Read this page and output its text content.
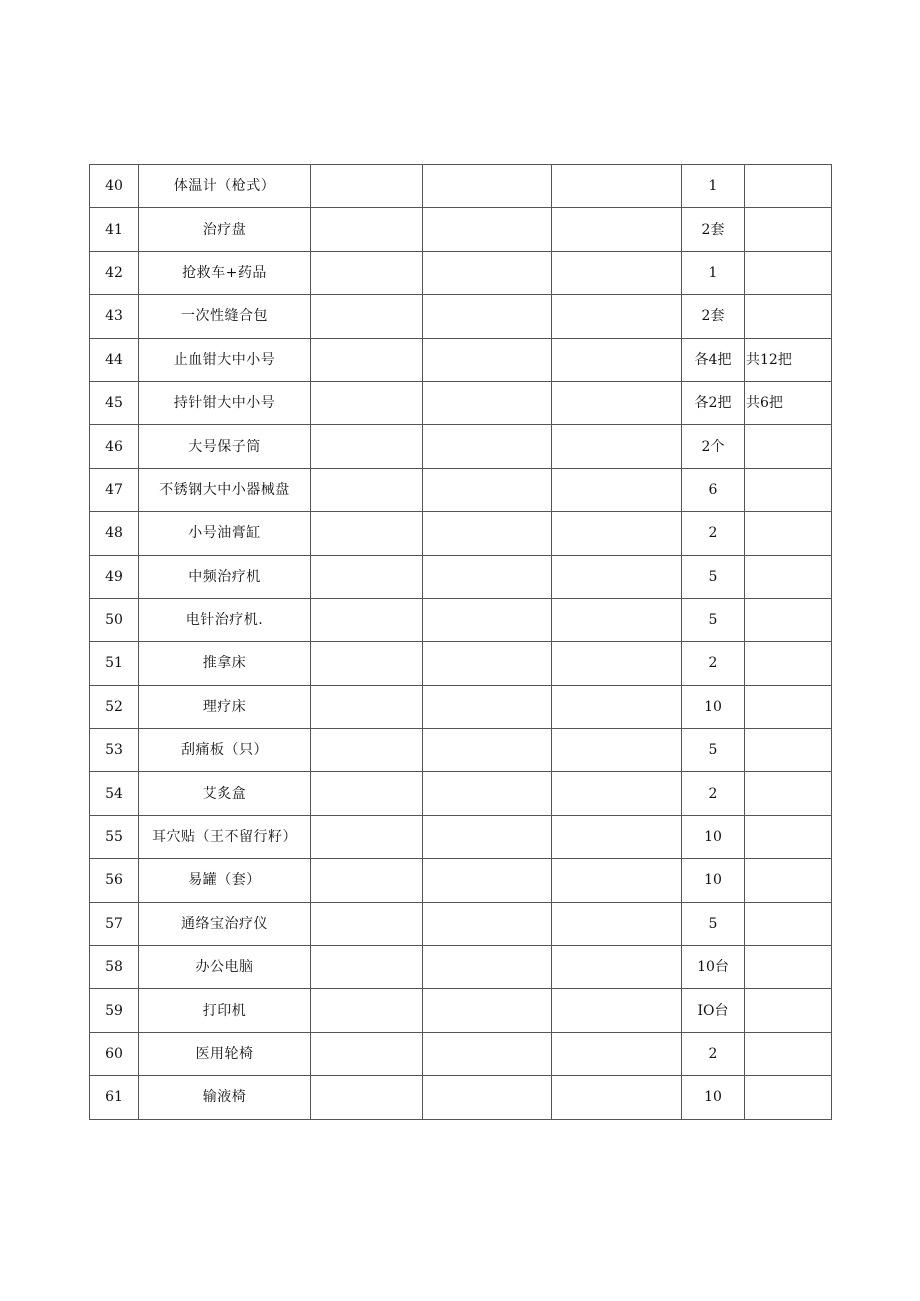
40	体温计（枪式）				1	
41	治疗盘				2套	
42	抢救车+药品				1	
43	一次性缝合包				2套	
44	止血钳大中小号				各4把	共12把
45	持针钳大中小号				各2把	共6把
46	大号保子筒				2个	
47	不锈钢大中小器械盘				6	
48	小号油膏缸				2	
49	中频治疗机				5	
50	电针治疗机.				5	
51	推拿床				2	
52	理疗床				10	
53	刮痛板（只）				5	
54	艾炙盒				2	
55	耳穴贴（王不留行籽）				10	
56	易罐（套）				10	
57	通络宝治疗仪				5	
58	办公电脑				10台	
59	打印机				IO台	
60	医用轮椅				2	
61	输液椅				10	
